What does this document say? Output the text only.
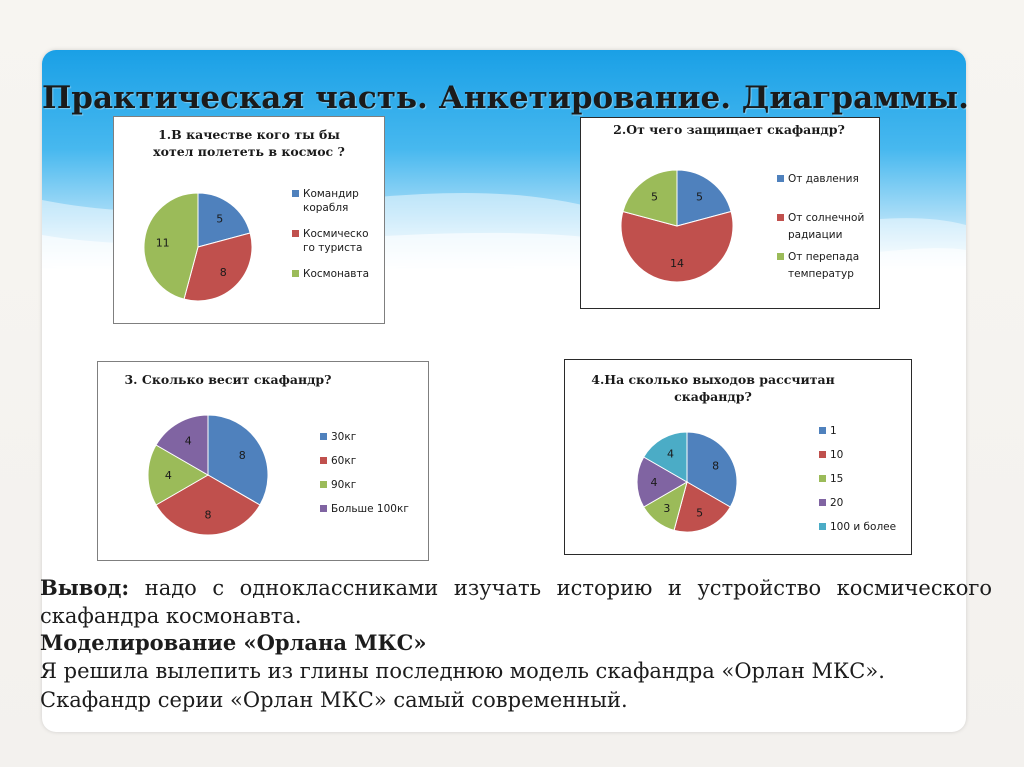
Практическая часть. Анкетирование. Диаграммы.
1.В качестве кого ты бы
хотел полететь в космос ?
5
8
11
Командир
корабля
Космическо
го туриста
Космонавта
2.От чего защищает скафандр?
5
14
5
От давления
От солнечной
радиации
От перепада
температур
3. Сколько весит скафандр?
8
8
4
4	30кг
60кг
90кг
Больше 100кг
4.На сколько выходов рассчитан
скафандр?
8
5
3
4
4
1
10
15
20
100 и более

Вывод: надо с одноклассниками изучать историю и устройство космического скафандра космонавта.

Моделирование «Орлана МКС»

Я решила вылепить из глины последнюю модель скафандра «Орлан МКС».

Скафандр серии «Орлан МКС» самый современный.
